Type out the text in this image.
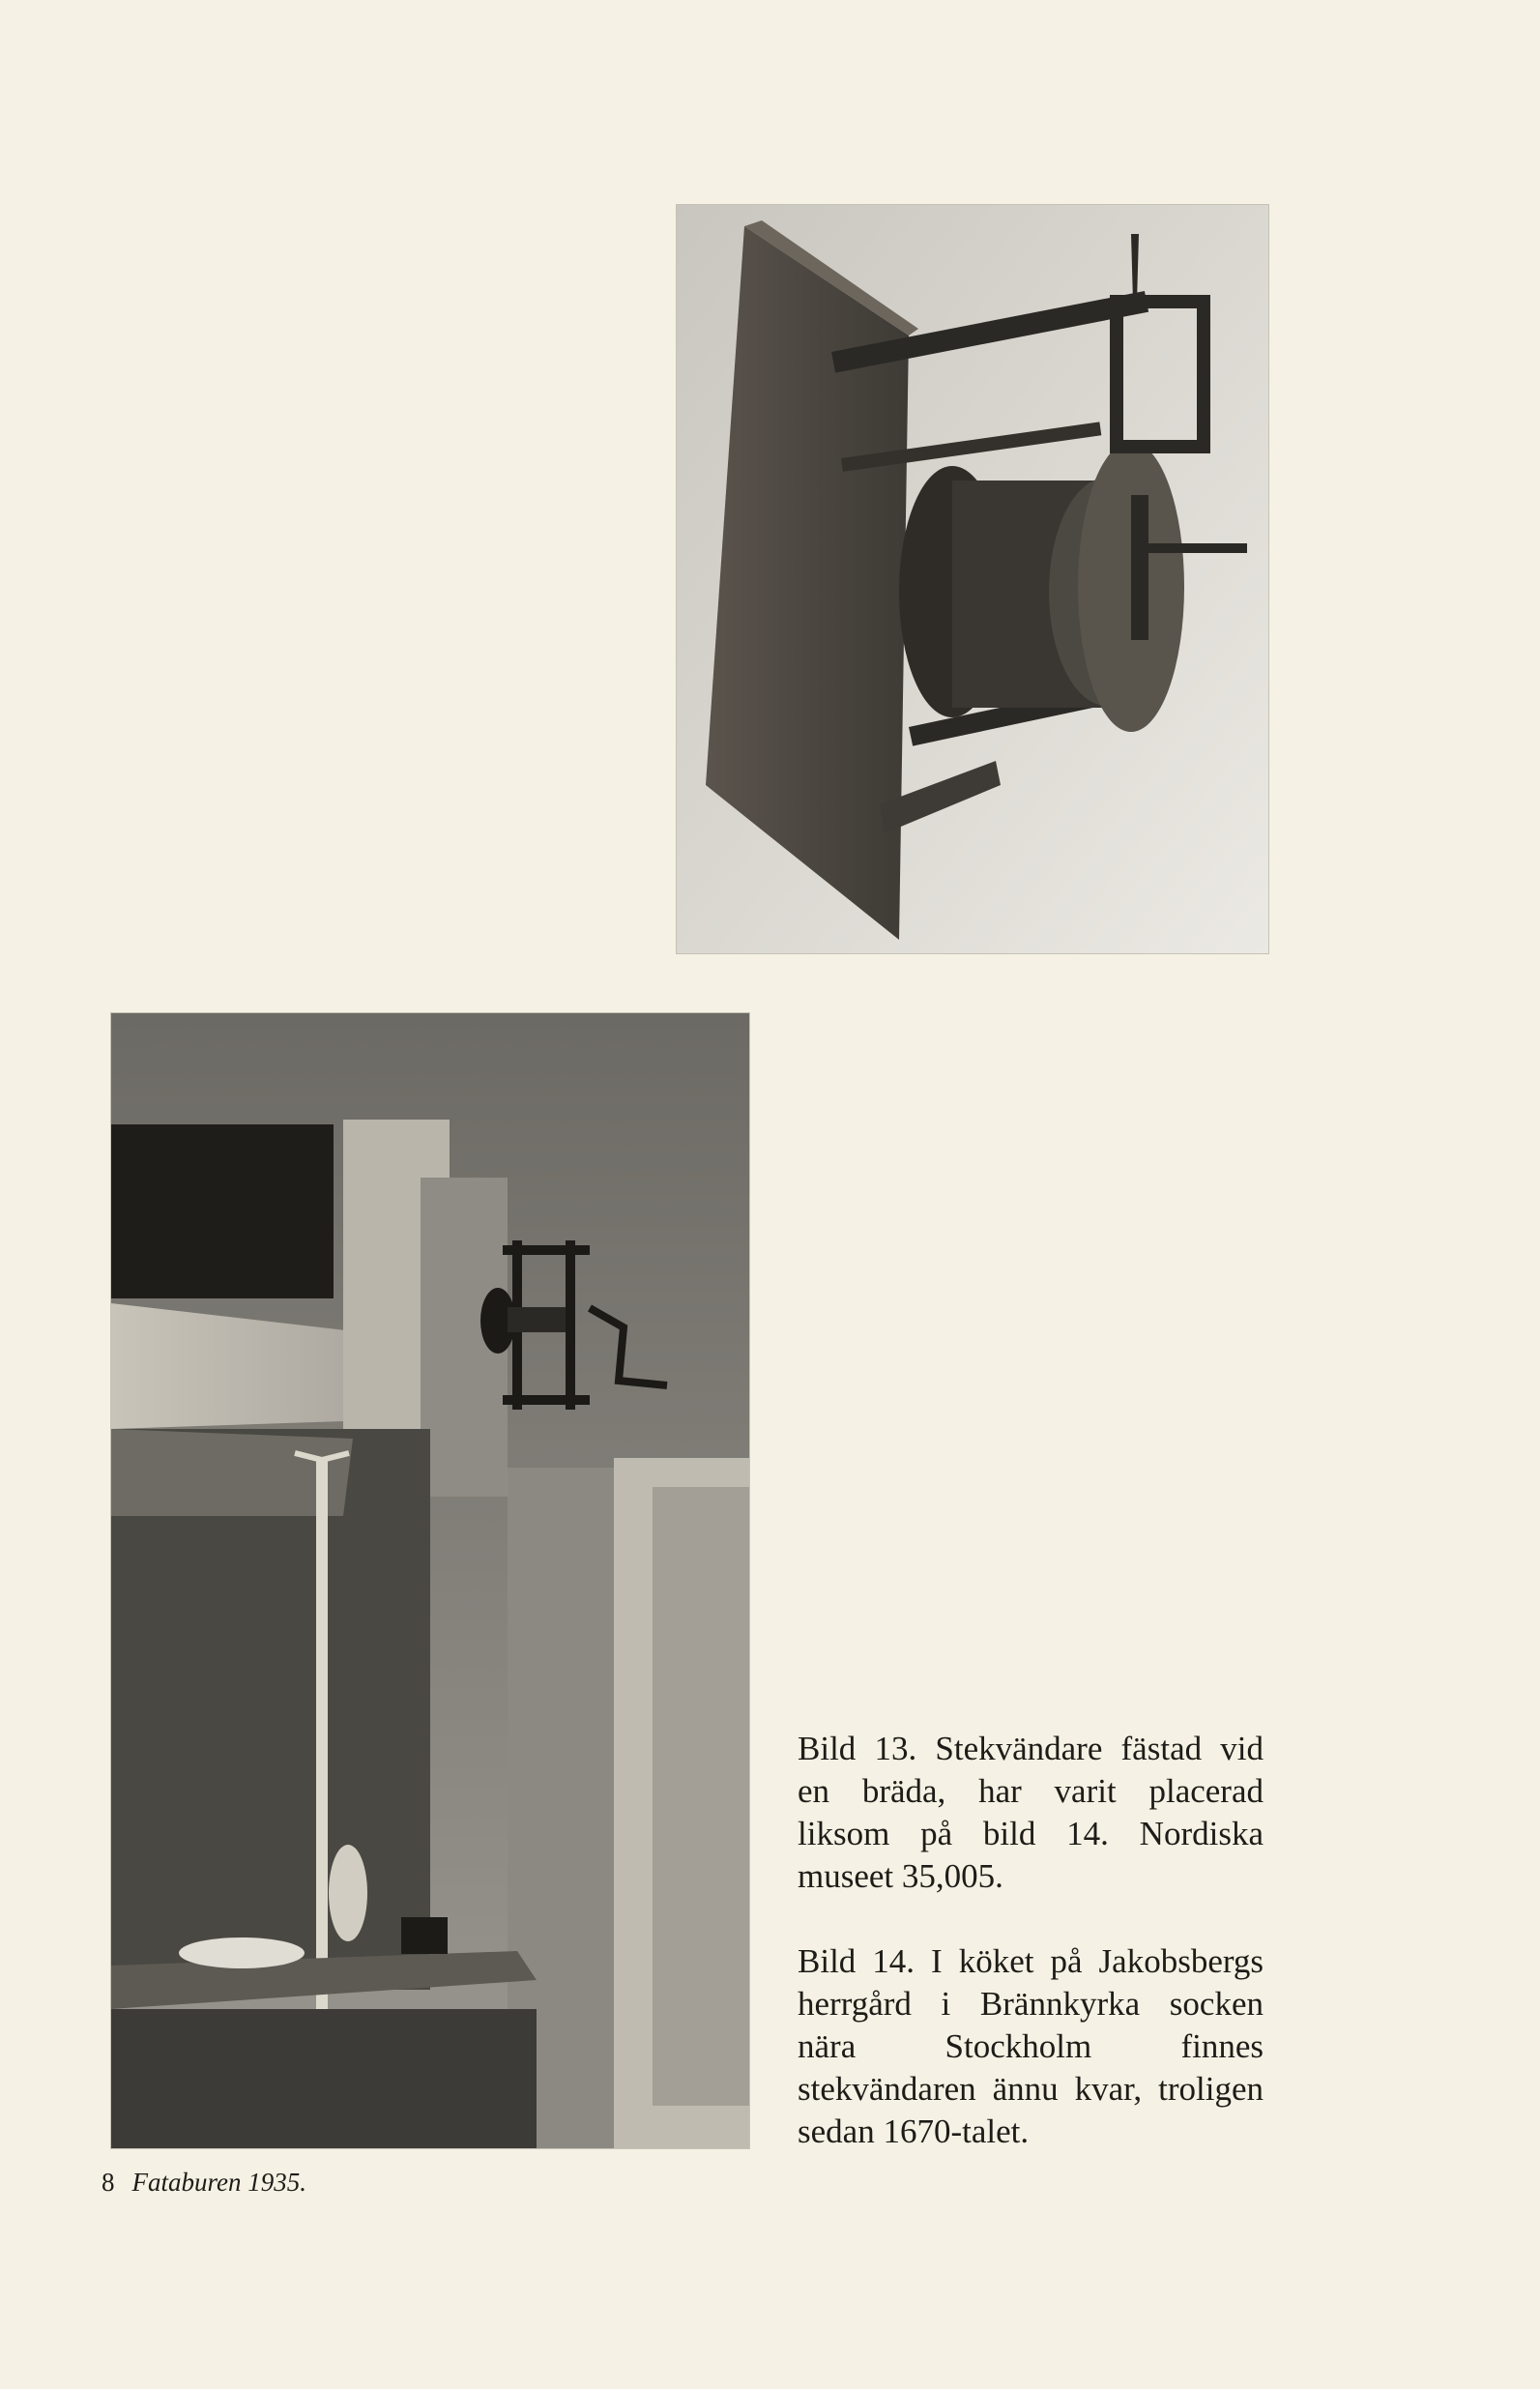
Bild 13. Stekvändare fästad vid en bräda, har varit placerad liksom på bild 14. Nordiska museet 35,005.

Bild 14. I köket på Jakobsbergs herrgård i Brännkyrka socken nära Stockholm finnes stekvändaren ännu kvar, troligen sedan 1670-talet.

8 Fataburen 1935.
